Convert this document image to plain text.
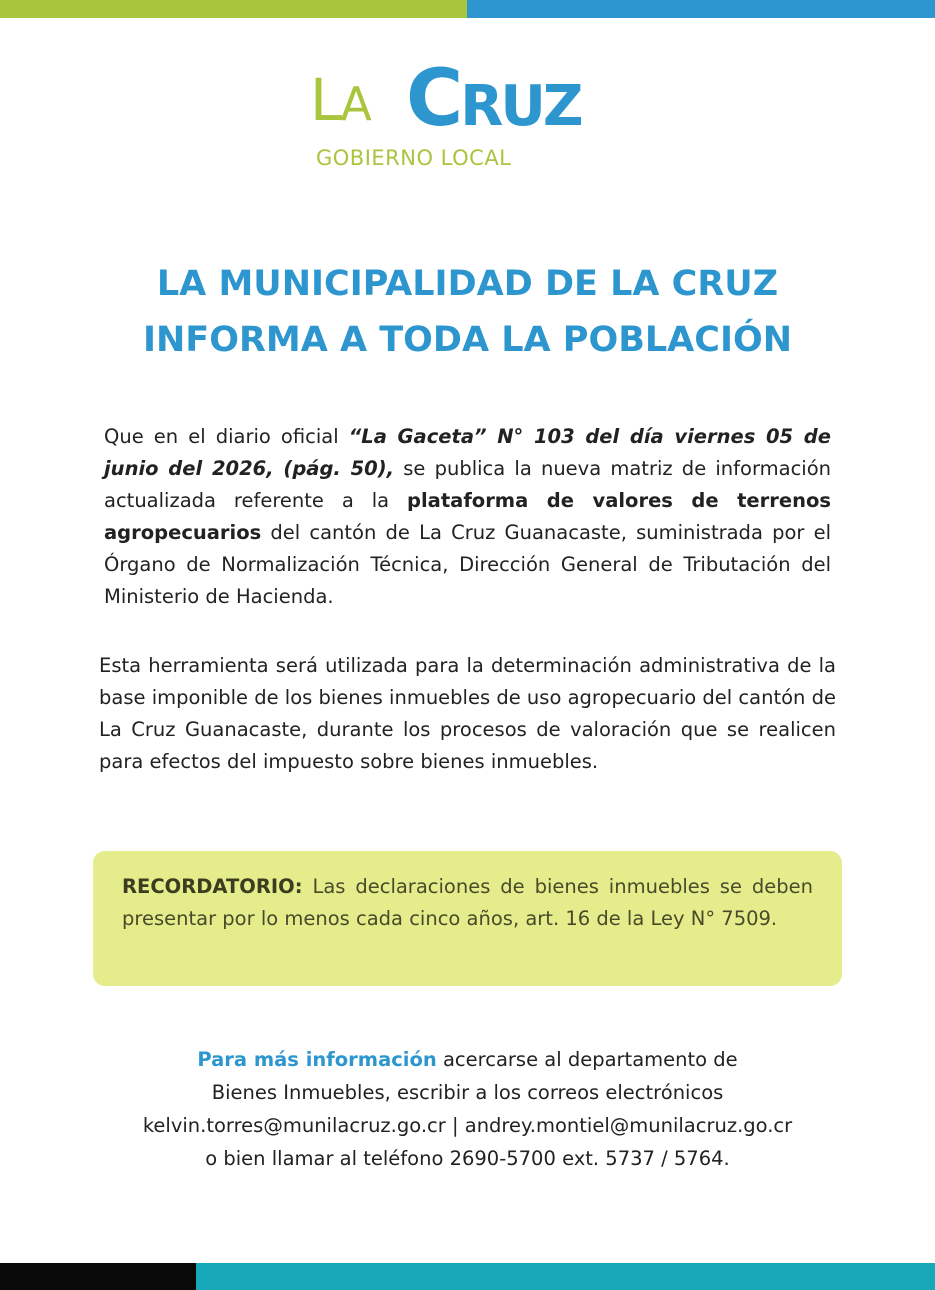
LA CRUZ
GOBIERNO LOCAL
LA MUNICIPALIDAD DE LA CRUZ
INFORMA A TODA LA POBLACIÓN
Que en el diario oficial “La Gaceta” N° 103 del día viernes 05 de junio del 2026, (pág. 50), se publica la nueva matriz de información actualizada referente a la plataforma de valores de terrenos agropecuarios del cantón de La Cruz Guanacaste, suministrada por el Órgano de Normalización Técnica, Dirección General de Tributación del Ministerio de Hacienda.
Esta herramienta será utilizada para la determinación administrativa de la base imponible de los bienes inmuebles de uso agropecuario del cantón de La Cruz Guanacaste, durante los procesos de valoración que se realicen para efectos del impuesto sobre bienes inmuebles.
RECORDATORIO: Las declaraciones de bienes inmuebles se deben presentar por lo menos cada cinco años, art. 16 de la Ley N° 7509.
Para más información acercarse al departamento de
Bienes Inmuebles, escribir a los correos electrónicos
kelvin.torres@munilacruz.go.cr | andrey.montiel@munilacruz.go.cr
o bien llamar al teléfono 2690-5700 ext. 5737 / 5764.
